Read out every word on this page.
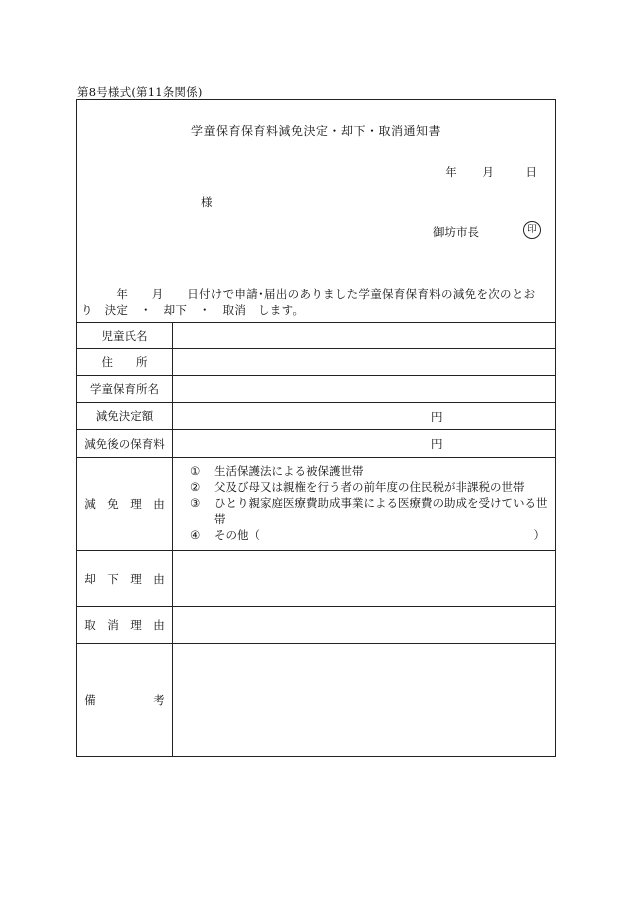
第8号様式(第11条関係)
学童保育保育料減免決定・却下・取消通知書
年 月	日
様
御坊市長	印
　　　年　　月　　日付けで申請･届出のありました学童保育保育料の減免を次のとお
り　決定　・　却下　・　取消　します。
児童氏名
住　　所
学童保育所名
減免決定額	円
減免後の保育料	円
減　免　理　由
① 生活保護法による被保護世帯
② 父及び母又は親権を行う者の前年度の住民税が非課税の世帯
③ ひとり親家庭医療費助成事業による医療費の助成を受けている世帯
④ その他（	）
却　下　理　由
取　消　理　由
備　　　　　考
